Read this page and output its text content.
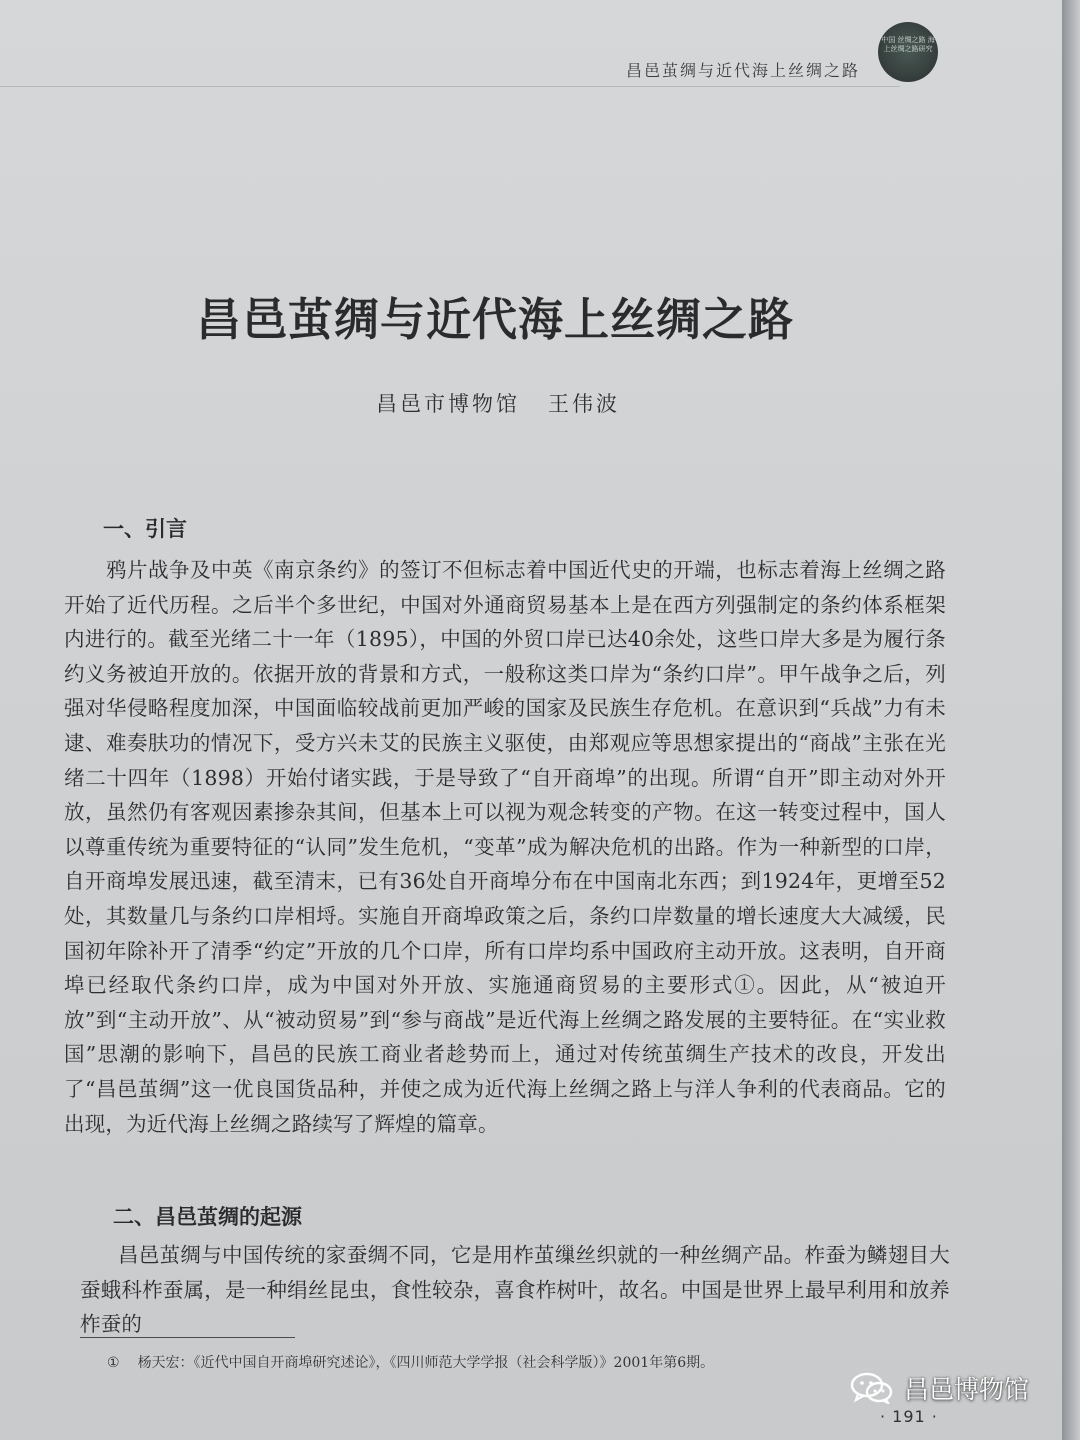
昌邑茧绸与近代海上丝绸之路
中国 丝绸之路 海上丝绸之路研究
昌邑茧绸与近代海上丝绸之路
昌邑市博物馆 王伟波
一、引言
鸦片战争及中英《南京条约》的签订不但标志着中国近代史的开端，也标志着海上丝绸之路开始了近代历程。之后半个多世纪，中国对外通商贸易基本上是在西方列强制定的条约体系框架内进行的。截至光绪二十一年（1895），中国的外贸口岸已达40余处，这些口岸大多是为履行条约义务被迫开放的。依据开放的背景和方式，一般称这类口岸为“条约口岸”。甲午战争之后，列强对华侵略程度加深，中国面临较战前更加严峻的国家及民族生存危机。在意识到“兵战”力有未逮、难奏肤功的情况下，受方兴未艾的民族主义驱使，由郑观应等思想家提出的“商战”主张在光绪二十四年（1898）开始付诸实践，于是导致了“自开商埠”的出现。所谓“自开”即主动对外开放，虽然仍有客观因素掺杂其间，但基本上可以视为观念转变的产物。在这一转变过程中，国人以尊重传统为重要特征的“认同”发生危机，“变革”成为解决危机的出路。作为一种新型的口岸，自开商埠发展迅速，截至清末，已有36处自开商埠分布在中国南北东西；到1924年，更增至52处，其数量几与条约口岸相埒。实施自开商埠政策之后，条约口岸数量的增长速度大大减缓，民国初年除补开了清季“约定”开放的几个口岸，所有口岸均系中国政府主动开放。这表明，自开商埠已经取代条约口岸，成为中国对外开放、实施通商贸易的主要形式①。因此，从“被迫开放”到“主动开放”、从“被动贸易”到“参与商战”是近代海上丝绸之路发展的主要特征。在“实业救国”思潮的影响下，昌邑的民族工商业者趁势而上，通过对传统茧绸生产技术的改良，开发出了“昌邑茧绸”这一优良国货品种，并使之成为近代海上丝绸之路上与洋人争利的代表商品。它的出现，为近代海上丝绸之路续写了辉煌的篇章。
二、昌邑茧绸的起源
昌邑茧绸与中国传统的家蚕绸不同，它是用柞茧缫丝织就的一种丝绸产品。柞蚕为鳞翅目大蚕蛾科柞蚕属，是一种绢丝昆虫，食性较杂，喜食柞树叶，故名。中国是世界上最早利用和放养柞蚕的
① 杨天宏：《近代中国自开商埠研究述论》，《四川师范大学学报（社会科学版）》2001年第6期。
· 191 ·
昌邑博物馆
